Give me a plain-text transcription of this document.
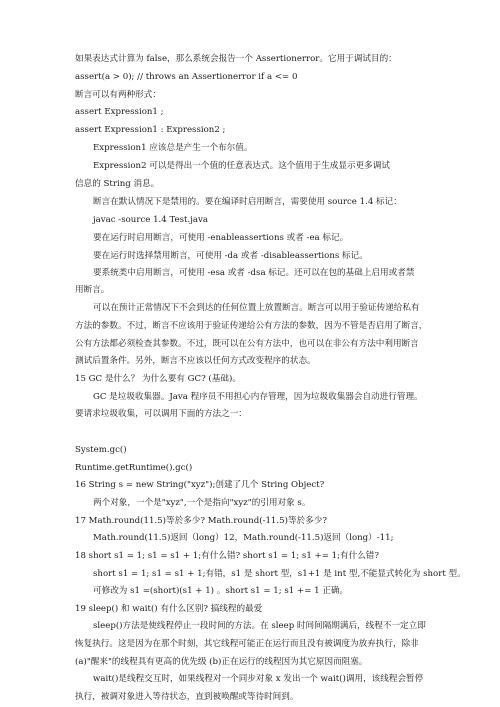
如果表达式计算为 false，那么系统会报告一个 Assertionerror。它用于调试目的：
assert(a > 0); // throws an Assertionerror if a <= 0
断言可以有两种形式：
assert Expression1 ;
assert Expression1 : Expression2 ;
Expression1 应该总是产生一个布尔值。
Expression2 可以是得出一个值的任意表达式。这个值用于生成显示更多调试
信息的 String 消息。
断言在默认情况下是禁用的。要在编译时启用断言，需要使用 source 1.4 标记：
javac -source 1.4 Test.java
要在运行时启用断言，可使用 -enableassertions 或者 -ea 标记。
要在运行时选择禁用断言，可使用 -da 或者 -disableassertions 标记。
要系统类中启用断言，可使用 -esa 或者 -dsa 标记。还可以在包的基础上启用或者禁
用断言。
可以在预计正常情况下不会到达的任何位置上放置断言。断言可以用于验证传递给私有
方法的参数。不过，断言不应该用于验证传递给公有方法的参数，因为不管是否启用了断言，
公有方法都必须检查其参数。不过，既可以在公有方法中，也可以在非公有方法中利用断言
测试后置条件。另外，断言不应该以任何方式改变程序的状态。
15 GC 是什么？ 为什么要有 GC? (基础)。
GC 是垃圾收集器。Java 程序员不用担心内存管理，因为垃圾收集器会自动进行管理。
要请求垃圾收集，可以调用下面的方法之一：
System.gc()
Runtime.getRuntime().gc()
16 String s = new String("xyz");创建了几个 String Object?
两个对象，一个是"xyz",一个是指向"xyz"的引用对象 s。
17 Math.round(11.5)等於多少? Math.round(-11.5)等於多少?
Math.round(11.5)返回（long）12，Math.round(-11.5)返回（long）-11;
18 short s1 = 1; s1 = s1 + 1;有什么错? short s1 = 1; s1 += 1;有什么错?
short s1 = 1; s1 = s1 + 1;有错，s1 是 short 型，s1+1 是 int 型,不能显式转化为 short 型。
可修改为 s1 =(short)(s1 + 1) 。short s1 = 1; s1 += 1 正确。
19 sleep() 和 wait() 有什么区别? 搞线程的最爱
sleep()方法是使线程停止一段时间的方法。在 sleep 时间间隔期满后，线程不一定立即
恢复执行。这是因为在那个时刻，其它线程可能正在运行而且没有被调度为放弃执行，除非
(a)"醒来"的线程具有更高的优先级 (b)正在运行的线程因为其它原因而阻塞。
wait()是线程交互时，如果线程对一个同步对象 x 发出一个 wait()调用，该线程会暂停
执行，被调对象进入等待状态，直到被唤醒或等待时间到。
